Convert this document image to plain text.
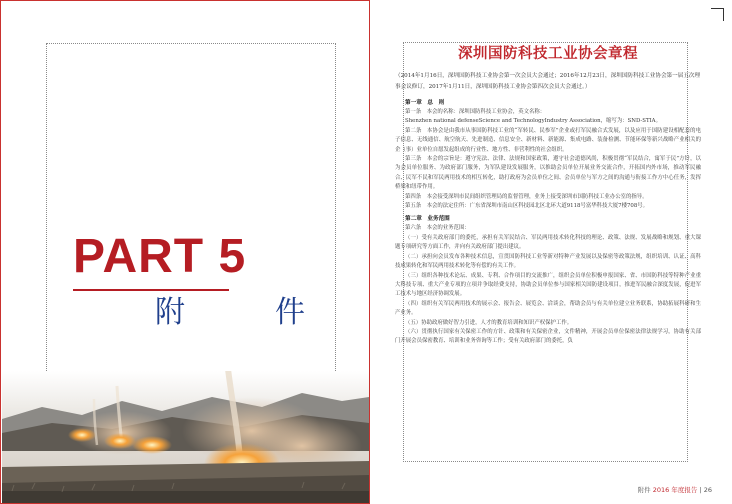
PART 5
附	件
深圳国防科技工业协会章程
（2014年1月16日，深圳国防科技工业协会第一次会员大会通过；2016年12月23日，深圳国防科技工业协会第一届五次理事会议修订，2017年1月11日，深圳国防科技工业协会第四次会员大会通过。）
第一章　总　则
第一条　本会的名称：深圳国防科技工业协会，英文名称：
Shenzhen national defenseScience and TechnologyIndustry Association，缩写为：SND-STIA。
第二条　本协会是由我市从事国防科技工业的“军转民、民参军”企业或打军民融合式发展，以及应用于国防建设相配套的电子信息、无线通信、航空航天、先进制造、信息安全、新材料、新能源、集成电路、装备检测、节能环保等新兴战略产业相关的企（事）业单位自愿发起组成的行业性、地方性、非营利性的社会组织。
第三条　本会的宗旨是：遵守宪法、法律、法规和国家政策，遵守社会道德风尚，积极贯彻“军民结合，寓军于民”方针，以为会员单位服务、为政府部门服务，为军队建设发展服务，以推助会员单位开展业务交流合作，开拓国内外市场，推动军民融合、民军不民和军民两用技术的相互转化，助打政府为会员单位之间、会员单位与军方之间的沟通与衔接工作方中心任务，发挥桥梁和纽带作用。
第四条　本会接受深圳市民间组织管理局的监督管理，业务上接受深圳市国防科技工业办公室的指导。
第五条　本会的法定住所：广东省深圳市南山区科技园北区北环大道9118号富华科技大厦7楼708号。
第二章　业务范围
第六条　本会的业务范围：
（一）受有关政府部门的委托，承担有关军民结合、军民两用技术转化科技的理论、政策、法规、发展战略和规划、重大课题专项研究等方面工作，并向有关政府部门提出建议。
（二）承担向会员发布各种技术信息，宣贯国防科技工业等新对特种产业发展以及保密等政策法规，组织培训、认证、高科技成果转化和军民两用技术转化等有偿的有关工作。
（三）组织各种技术论坛、成果、专利、合作项目的交流推广，组织会员单位积极申报国家、省、市国防科技等特种产业重大科技专项、重大产业专项的立项并争取经费支持，协助会员单位参与国家相关国防建设项目，推进军民融合深度发展，促进军工技术与地区经济协调发展。
（四）组织有关军民两用技术的展示会、报告会、展览会、洽谈会，帮助会员与有关单位建立业务联系，协助拓展科研和生产业务。
（五）协助政府做好智力引进，人才的教育培训和知识产权保护工作。
（六）贯彻执行国家有关保密工作的方针、政策和有关保密企业，文件精神，开展会员单位保密法律法规学习，协助有关部门开展会员保密教育、培训和业务咨询等工作；受有关政府部门的委托，负
附件 2016 年度报告 | 26
